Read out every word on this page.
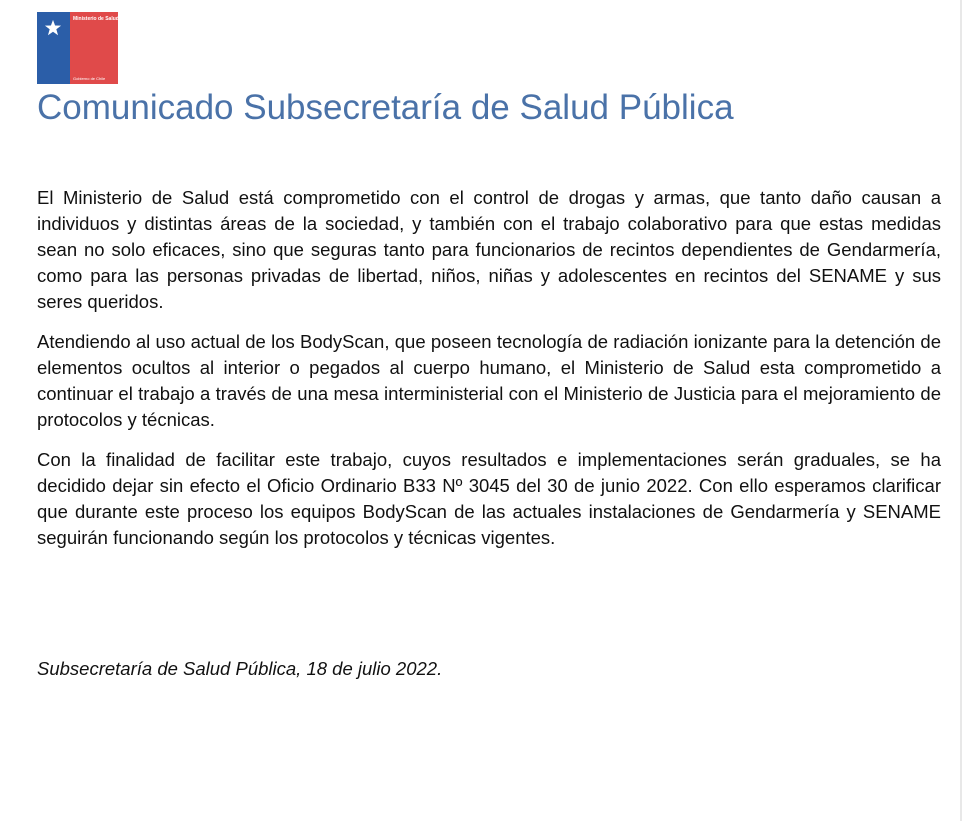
Ministerio de Salud
Gobierno de Chile
Comunicado Subsecretaría de Salud Pública

El Ministerio de Salud está comprometido con el control de drogas y armas, que tanto daño causan a individuos y distintas áreas de la sociedad, y también con el trabajo colaborativo para que estas medidas sean no solo eficaces, sino que seguras tanto para funcionarios de recintos dependientes de Gendarmería, como para las personas privadas de libertad, niños, niñas y adolescentes en recintos del SENAME y sus seres queridos.

Atendiendo al uso actual de los BodyScan, que poseen tecnología de radiación ionizante para la detención de elementos ocultos al interior o pegados al cuerpo humano, el Ministerio de Salud esta comprometido a continuar el trabajo a través de una mesa interministerial con el Ministerio de Justicia para el mejoramiento de protocolos y técnicas.

Con la finalidad de facilitar este trabajo, cuyos resultados e implementaciones serán graduales, se ha decidido dejar sin efecto el Oficio Ordinario B33 Nº 3045 del 30 de junio 2022. Con ello esperamos clarificar que durante este proceso los equipos BodyScan de las actuales instalaciones de Gendarmería y SENAME seguirán funcionando según los protocolos y técnicas vigentes.

Subsecretaría de Salud Pública, 18 de julio 2022.
